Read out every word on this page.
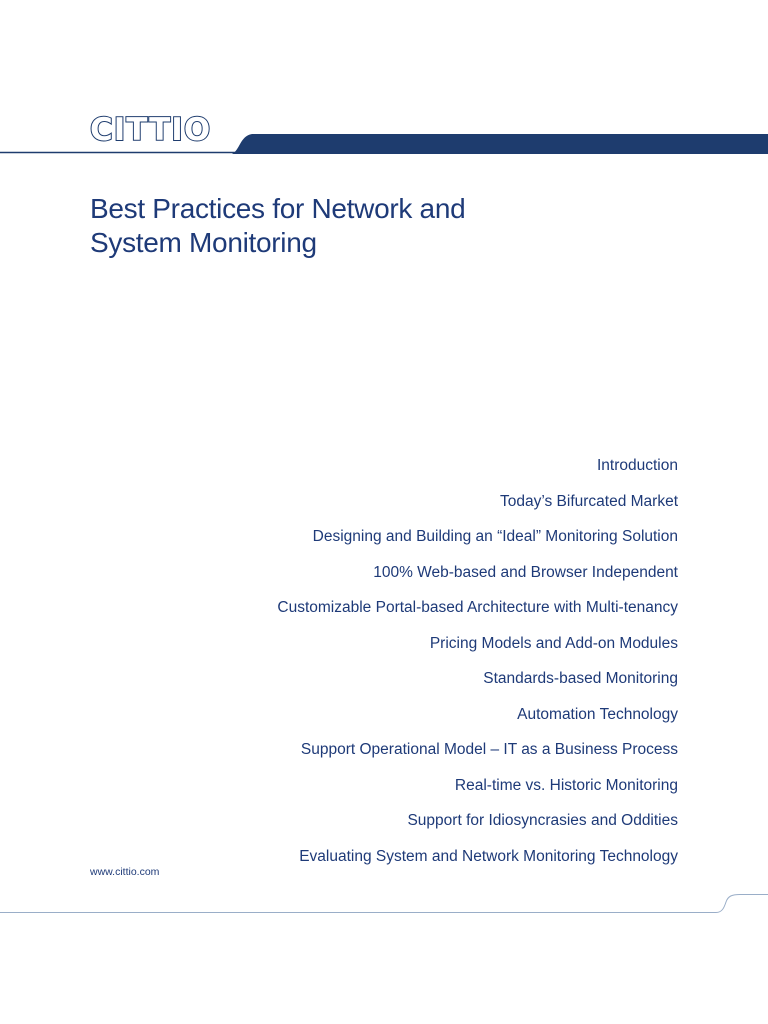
CITTIO
Best Practices for Network and
System Monitoring
Introduction
Today’s Bifurcated Market
Designing and Building an “Ideal” Monitoring Solution
100% Web-based and Browser Independent
Customizable Portal-based Architecture with Multi-tenancy
Pricing Models and Add-on Modules
Standards-based Monitoring
Automation Technology
Support Operational Model – IT as a Business Process
Real-time vs. Historic Monitoring
Support for Idiosyncrasies and Oddities
Evaluating System and Network Monitoring Technology
www.cittio.com
